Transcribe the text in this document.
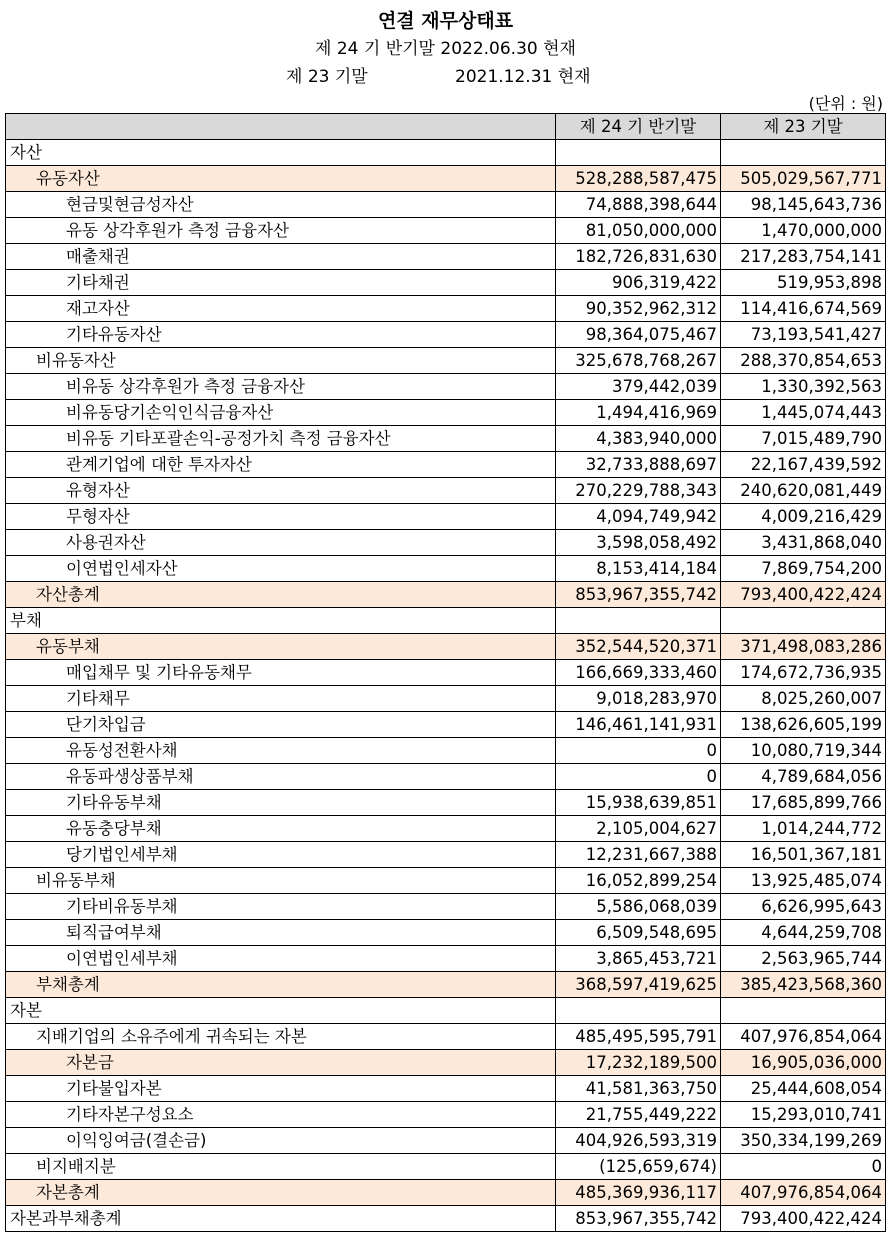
연결 재무상태표
제 24 기 반기말 2022.06.30 현재
제 23 기말	2021.12.31 현재
(단위 : 원)
	제 24 기 반기말	제 23 기말
자산		
유동자산	528,288,587,475	505,029,567,771
현금및현금성자산	74,888,398,644	98,145,643,736
유동 상각후원가 측정 금융자산	81,050,000,000	1,470,000,000
매출채권	182,726,831,630	217,283,754,141
기타채권	906,319,422	519,953,898
재고자산	90,352,962,312	114,416,674,569
기타유동자산	98,364,075,467	73,193,541,427
비유동자산	325,678,768,267	288,370,854,653
비유동 상각후원가 측정 금융자산	379,442,039	1,330,392,563
비유동당기손익인식금융자산	1,494,416,969	1,445,074,443
비유동 기타포괄손익-공정가치 측정 금융자산	4,383,940,000	7,015,489,790
관계기업에 대한 투자자산	32,733,888,697	22,167,439,592
유형자산	270,229,788,343	240,620,081,449
무형자산	4,094,749,942	4,009,216,429
사용권자산	3,598,058,492	3,431,868,040
이연법인세자산	8,153,414,184	7,869,754,200
자산총계	853,967,355,742	793,400,422,424
부채		
유동부채	352,544,520,371	371,498,083,286
매입채무 및 기타유동채무	166,669,333,460	174,672,736,935
기타채무	9,018,283,970	8,025,260,007
단기차입금	146,461,141,931	138,626,605,199
유동성전환사채	0	10,080,719,344
유동파생상품부채	0	4,789,684,056
기타유동부채	15,938,639,851	17,685,899,766
유동충당부채	2,105,004,627	1,014,244,772
당기법인세부채	12,231,667,388	16,501,367,181
비유동부채	16,052,899,254	13,925,485,074
기타비유동부채	5,586,068,039	6,626,995,643
퇴직급여부채	6,509,548,695	4,644,259,708
이연법인세부채	3,865,453,721	2,563,965,744
부채총계	368,597,419,625	385,423,568,360
자본		
지배기업의 소유주에게 귀속되는 자본	485,495,595,791	407,976,854,064
자본금	17,232,189,500	16,905,036,000
기타불입자본	41,581,363,750	25,444,608,054
기타자본구성요소	21,755,449,222	15,293,010,741
이익잉여금(결손금)	404,926,593,319	350,334,199,269
비지배지분	(125,659,674)	0
자본총계	485,369,936,117	407,976,854,064
자본과부채총계	853,967,355,742	793,400,422,424
